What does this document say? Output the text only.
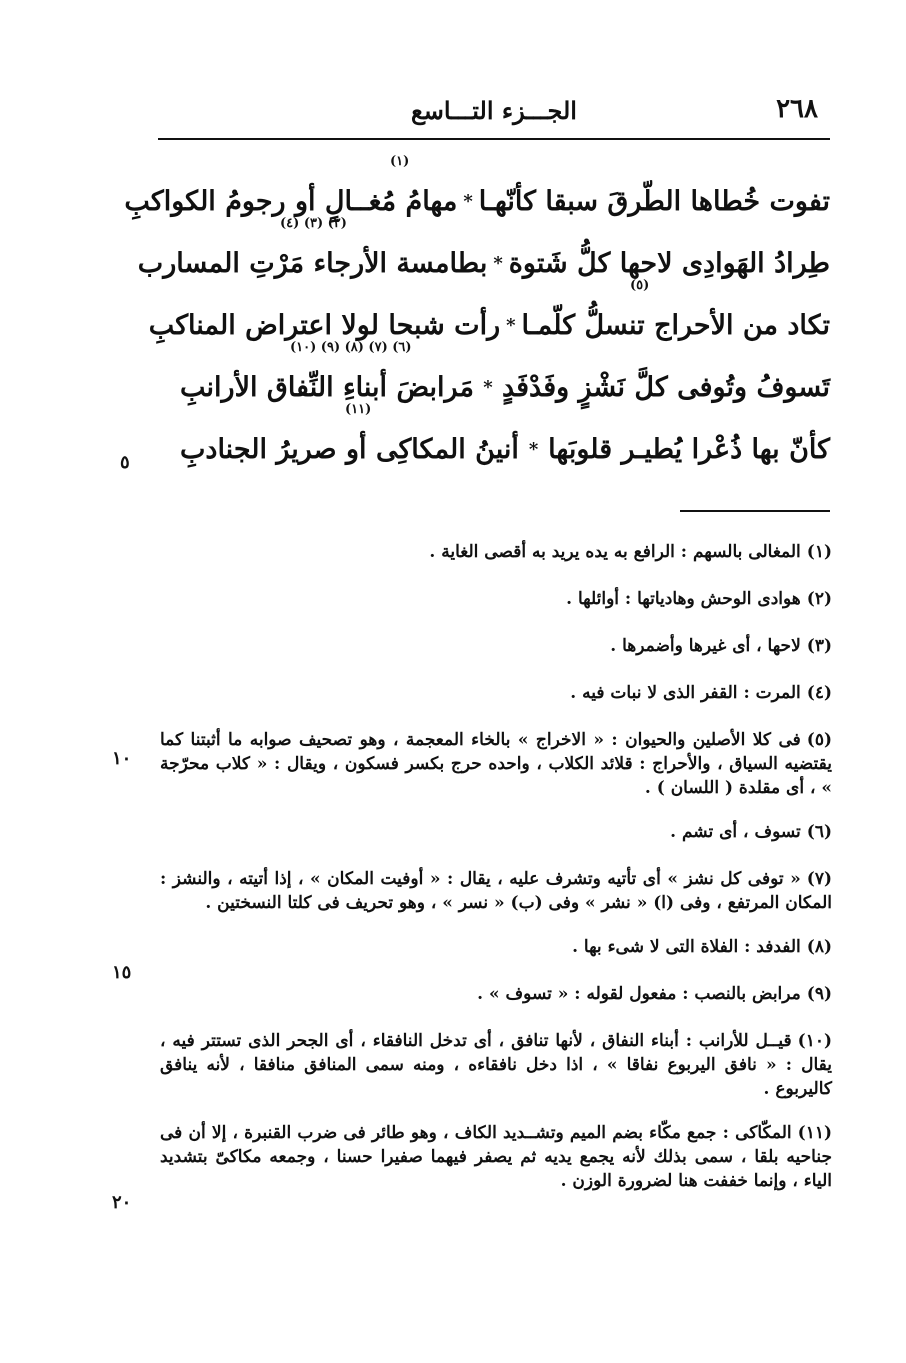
٢٦٨
الجـــزء التـــاسع
(١)
تفوت خُطاها الطّرقَ سبقا كأنّهـا
*
مهامُ مُغــالٍ أو رجومُ الكواكبِ
(٢) (٣) (٤)
طِرادُ الهَوادِى لاحها كلُّ شَتوة
*
بطامسة الأرجاء مَرْتِ المسارب
(٥)
تكاد من الأحراج تنسلُّ كلّمـا
*
رأت شبحا لولا اعتراض المناكبِ
(٦) (٧) (٨) (٩) (١٠)
تَسوفُ وتُوفى كلَّ نَشْزٍ وفَدْفَدٍ
*
مَرابضَ أبناءِ النِّفاق الأرانبِ
(١١)
كأنّ بها ذُعْرا يُطيـر قلوبَها
*
أنينُ المكاكِى أو صريرُ الجنادبِ
٥
١٠
١٥
٢٠
(١)المغالى بالسهم : الرافع به يده يريد به أقصى الغاية .
(٢)هوادى الوحش وهادياتها : أوائلها .
(٣)لاحها ، أى غيرها وأضمرها .
(٤)المرت : القفر الذى لا نبات فيه .
(٥)فى كلا الأصلين والحيوان : « الاخراج » بالخاء المعجمة ، وهو تصحيف صوابه ما أثبتنا كما يقتضيه السياق ، والأحراج : قلائد الكلاب ، واحده حرج بكسر فسكون ، ويقال : « كلاب محرّجة » ، أى مقلدة ( اللسان ) .
(٦)تسوف ، أى تشم .
(٧)« توفى كل نشز » أى تأتيه وتشرف عليه ، يقال : « أوفيت المكان » ، إذا أتيته ، والنشز : المكان المرتفع ، وفى (ا) « نشر » وفى (ب) « نسر » ، وهو تحريف فى كلتا النسختين .
(٨)الفدفد : الفلاة التى لا شىء بها .
(٩)مرابض بالنصب : مفعول لقوله : « تسوف » .
(١٠)قيــل للأرانب : أبناء النفاق ، لأنها تنافق ، أى تدخل النافقاء ، أى الجحر الذى تستتر فيه ، يقال : « نافق اليربوع نفاقا » ، اذا دخل نافقاءه ، ومنه سمى المنافق منافقا ، لأنه ينافق كاليربوع .
(١١)المكّاكى : جمع مكّاء بضم الميم وتشــديد الكاف ، وهو طائر فى ضرب القنبرة ، إلا أن فى جناحيه بلقا ، سمى بذلك لأنه يجمع يديه ثم يصفر فيهما صفيرا حسنا ، وجمعه مكاكىّ بتشديد الياء ، وإنما خففت هنا لضرورة الوزن .
